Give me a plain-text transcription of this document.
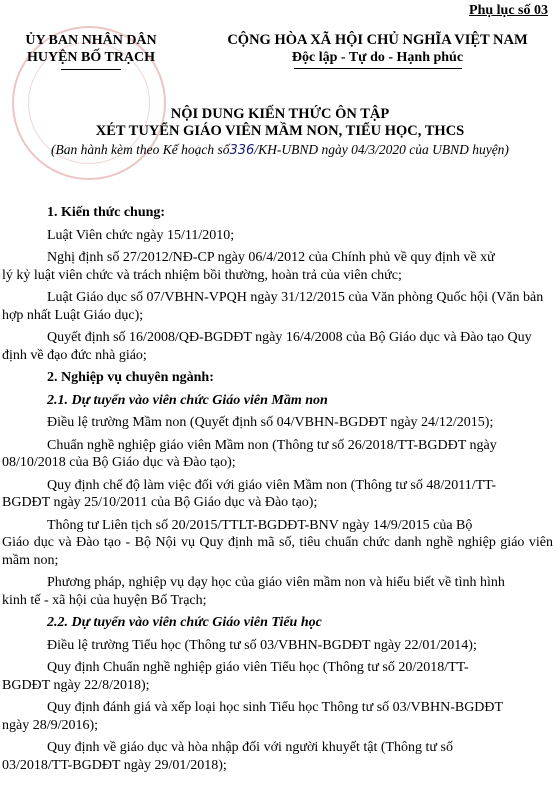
Phụ lục số 03
ỦY BAN NHÂN DÂN
HUYỆN BỐ TRẠCH
CỘNG HÒA XÃ HỘI CHỦ NGHĨA VIỆT NAM
Độc lập - Tự do - Hạnh phúc
NỘI DUNG KIẾN THỨC ÔN TẬP
XÉT TUYỂN GIÁO VIÊN MẦM NON, TIỂU HỌC, THCS
(Ban hành kèm theo Kế hoạch số336/KH-UBND ngày 04/3/2020 của UBND huyện)
1. Kiến thức chung:
Luật Viên chức ngày 15/11/2010;
Nghị định số 27/2012/NĐ-CP ngày 06/4/2012 của Chính phủ về quy định về xử
lý kỷ luật viên chức và trách nhiệm bồi thường, hoàn trả của viên chức;
Luật Giáo dục số 07/VBHN-VPQH ngày 31/12/2015 của Văn phòng Quốc hội (Văn bản
hợp nhất Luật Giáo dục);
Quyết định số 16/2008/QĐ-BGDĐT ngày 16/4/2008 của Bộ Giáo dục và Đào tạo Quy
định về đạo đức nhà giáo;
2. Nghiệp vụ chuyên ngành:
2.1. Dự tuyển vào viên chức Giáo viên Mầm non
Điều lệ trường Mầm non (Quyết định số 04/VBHN-BGDĐT ngày 24/12/2015);
Chuẩn nghề nghiệp giáo viên Mầm non (Thông tư số 26/2018/TT-BGDĐT ngày
08/10/2018 của Bộ Giáo dục và Đào tạo);
Quy định chế độ làm việc đối với giáo viên Mầm non (Thông tư số 48/2011/TT-
BGDĐT ngày 25/10/2011 của Bộ Giáo dục và Đào tạo);
Thông tư Liên tịch số 20/2015/TTLT-BGDĐT-BNV ngày 14/9/2015 của Bộ
Giáo dục và Đào tạo - Bộ Nội vụ Quy định mã số, tiêu chuẩn chức danh nghề nghiệp giáo viên mầm non;
Phương pháp, nghiệp vụ dạy học của giáo viên mầm non và hiểu biết về tình hình
kinh tế - xã hội của huyện Bố Trạch;
2.2. Dự tuyển vào viên chức Giáo viên Tiểu học
Điều lệ trường Tiểu học (Thông tư số 03/VBHN-BGDĐT ngày 22/01/2014);
Quy định Chuẩn nghề nghiệp giáo viên Tiểu học (Thông tư số 20/2018/TT-
BGDĐT ngày 22/8/2018);
Quy định đánh giá và xếp loại học sinh Tiểu học Thông tư số 03/VBHN-BGDĐT
ngày 28/9/2016);
Quy định về giáo dục và hòa nhập đối với người khuyết tật (Thông tư số
03/2018/TT-BGDĐT ngày 29/01/2018);
